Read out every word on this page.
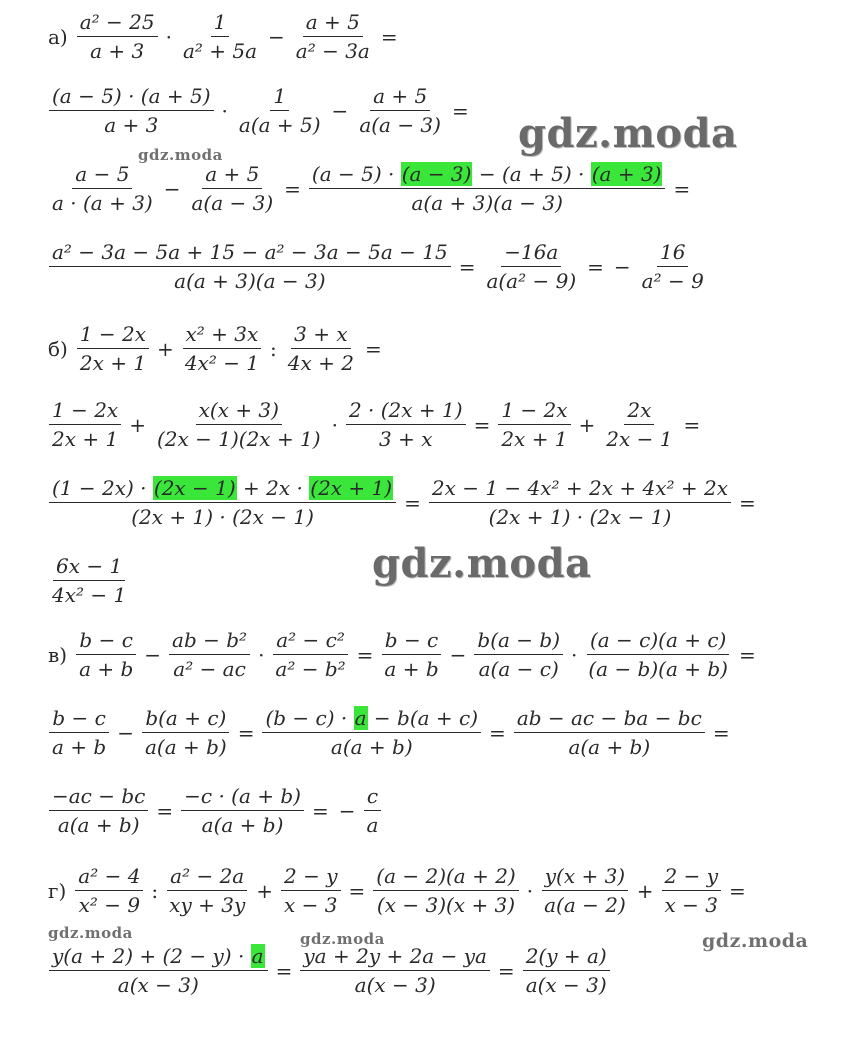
$а) \frac{\text{a² − 25}}{a + 3} \cdot \frac{1}{\text{a² + 5a}} - \frac{a + 5}{\text{a² − 3a}}$ =
$\frac{(a - 5) \cdot (a + 5)}{a + 3} \cdot \frac{1}{a(a + 5)} - \frac{a + 5}{a(a - 3)}$ =
$\frac{a - 5}{a \cdot (a + 3)} - \frac{a + 5}{a(a - 3)} = \frac{(a - 5) \cdot (a - 3) - (a + 5) \cdot (a + 3)}{a(a + 3)(a - 3)}$ =
$\frac{\text{a² − 3a − 5a + 15 − a² − 3a − 5a − 15}}{a(a + 3)(a - 3)} = \frac{-16a}{\text{a(a² − 9)}}$ = − $\frac{16}{\text{a² − 9}}$
$б) \frac{1 - 2x}{2x + 1} + \frac{\text{x² + 3x}}{\text{4x² − 1}}$ : $\frac{3 + x}{4x + 2}$ =
$\frac{1 - 2x}{2x + 1} + \frac{x(x + 3)}{(2x - 1)(2x + 1)} \cdot \frac{2 \cdot (2x + 1)}{3 + x} = \frac{1 - 2x}{2x + 1} + \frac{2x}{2x - 1}$ =
$\frac{(1 - 2x) \cdot (2x - 1) + 2x \cdot (2x + 1)}{(2x + 1) \cdot (2x - 1)} = \frac{\text{2x − 1 − 4x² + 2x + 4x² + 2x}}{(2x + 1) \cdot (2x - 1)}$ =
$\frac{6x - 1}{\text{4x² − 1}}$
$в) \frac{b - c}{a + b} - \frac{\text{ab − b²}}{\text{a² − ac}} \cdot \frac{\text{a² − c²}}{\text{a² − b²}} = \frac{b - c}{a + b} - \frac{b(a - b)}{a(a - c)} \cdot \frac{(a - c)(a + c)}{(a - b)(a + b)}$ =
$\frac{b - c}{a + b} - \frac{b(a + c)}{a(a + b)} = \frac{(b - c) \cdot a - b(a + c)}{a(a + b)} = \frac{ab - ac - ba - bc}{a(a + b)}$ =
$\frac{-ac - bc}{a(a + b)} = \frac{-c \cdot (a + b)}{a(a + b)}$ = − $\frac{c}{a}$
$г) \frac{\text{a² − 4}}{\text{x² − 9}}$ : $\frac{\text{a² − 2a}}{xy + 3y} + \frac{2 - y}{x - 3} = \frac{(a - 2)(a + 2)}{(x - 3)(x + 3)} \cdot \frac{y(x + 3)}{a(a - 2)} + \frac{2 - y}{x - 3}$ =
$\frac{y(a + 2) + (2 - y) \cdot a}{a(x - 3)} = \frac{ya + 2y + 2a - ya}{a(x - 3)} = \frac{2(y + a)}{a(x - 3)}$
gdz.moda
gdz.moda
gdz.moda
gdz.moda	gdz.moda	gdz.moda
